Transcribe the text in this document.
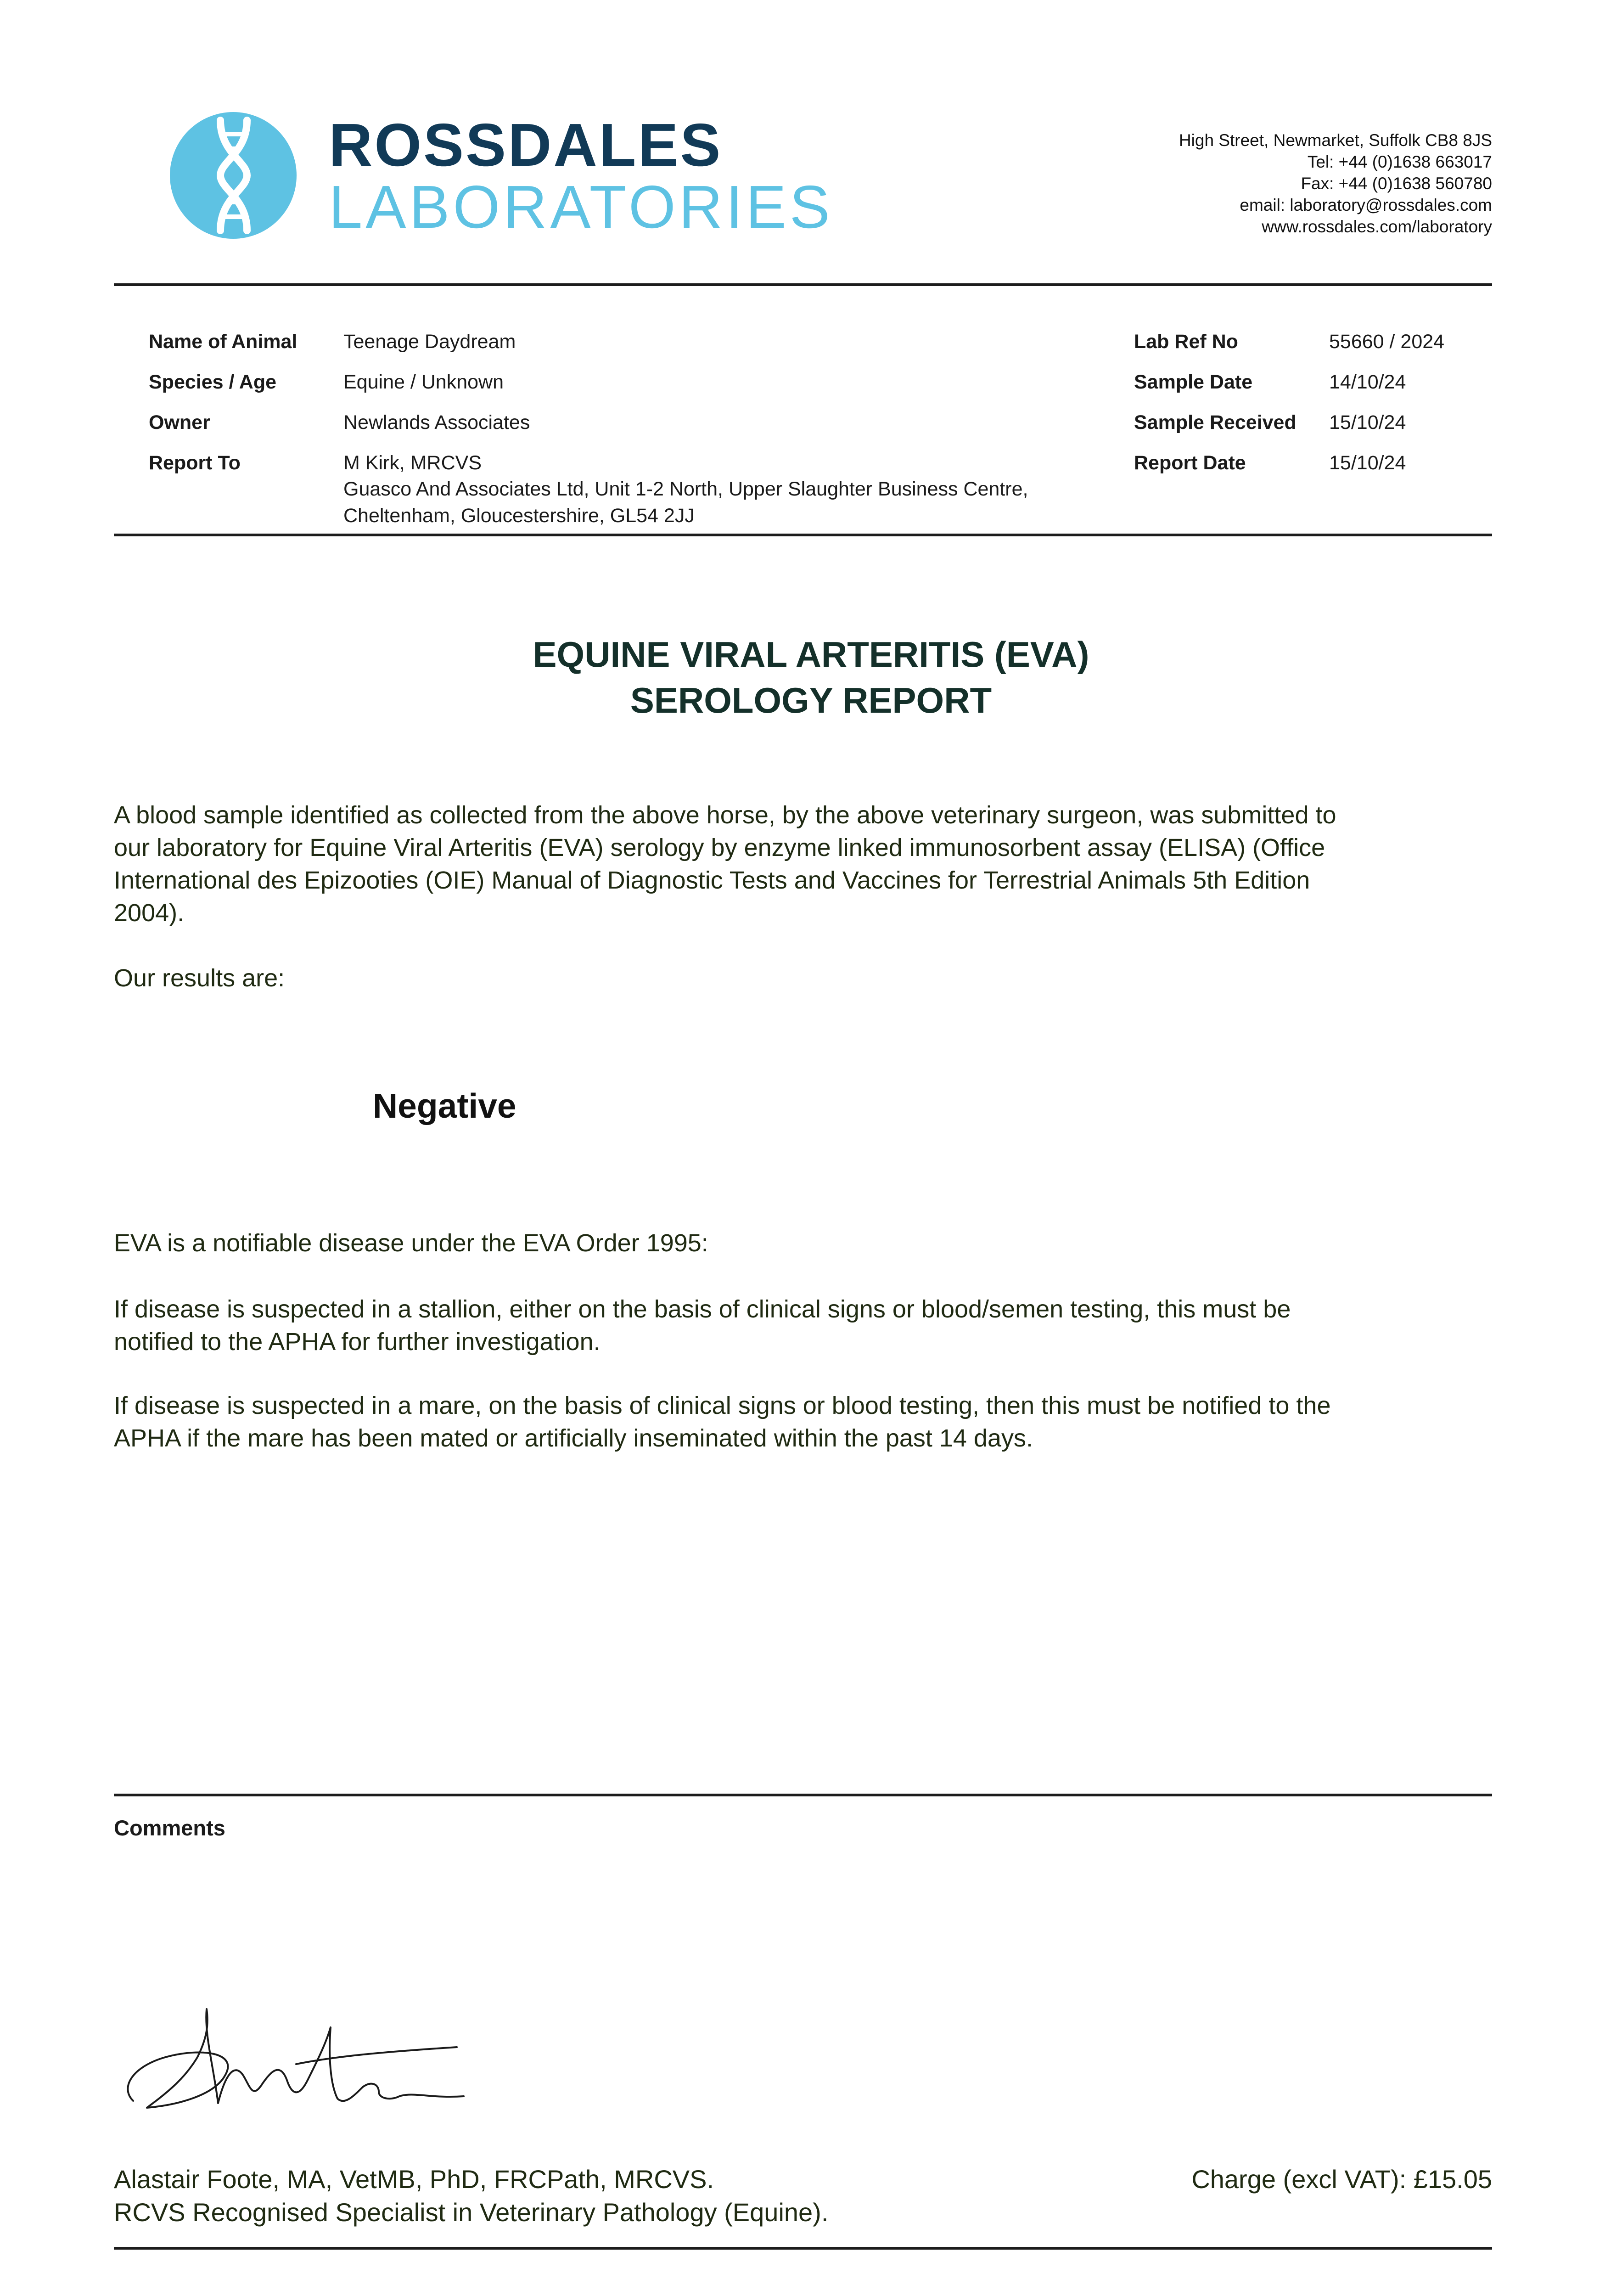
ROSSDALES
LABORATORIES
High Street, Newmarket, Suffolk CB8 8JS
Tel: +44 (0)1638 663017
Fax: +44 (0)1638 560780
email: laboratory@rossdales.com
www.rossdales.com/laboratory
Name of Animal Teenage Daydream
Species / Age	Equine / Unknown
Owner	Newlands Associates
Report To	M Kirk, MRCVS
Guasco And Associates Ltd, Unit 1-2 North, Upper Slaughter Business Centre,
Cheltenham, Gloucestershire, GL54 2JJ
Lab Ref No	55660 / 2024
Sample Date	14/10/24
Sample Received 15/10/24
Report Date	15/10/24
EQUINE VIRAL ARTERITIS (EVA)
SEROLOGY REPORT
A blood sample identified as collected from the above horse, by the above veterinary surgeon, was submitted to
our laboratory for Equine Viral Arteritis (EVA) serology by enzyme linked immunosorbent assay (ELISA) (Office
International des Epizooties (OIE) Manual of Diagnostic Tests and Vaccines for Terrestrial Animals 5th Edition
2004).
Our results are:
Negative
EVA is a notifiable disease under the EVA Order 1995:
If disease is suspected in a stallion, either on the basis of clinical signs or blood/semen testing, this must be
notified to the APHA for further investigation.
If disease is suspected in a mare, on the basis of clinical signs or blood testing, then this must be notified to the
APHA if the mare has been mated or artificially inseminated within the past 14 days.
Comments
Alastair Foote, MA, VetMB, PhD, FRCPath, MRCVS.
RCVS Recognised Specialist in Veterinary Pathology (Equine).
Charge (excl VAT): £15.05
